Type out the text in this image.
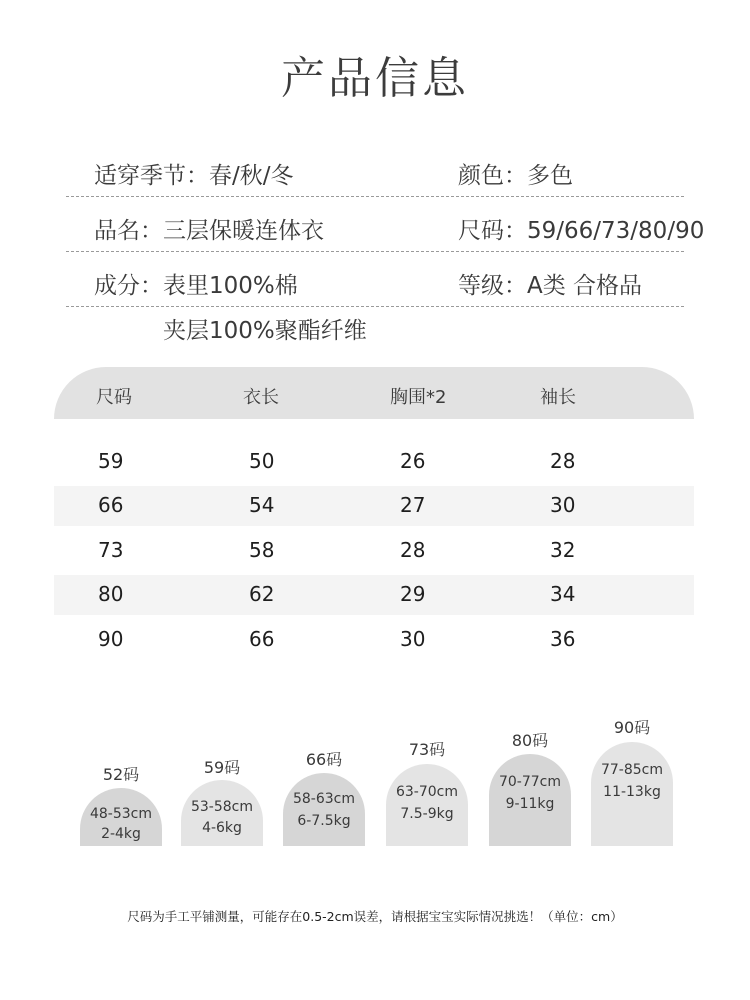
产品信息
适穿季节：春/秋/冬	颜色：多色
品名：三层保暖连体衣	尺码：59/66/73/80/90
成分：表里100%棉	等级：A类 合格品
夹层100%聚酯纤维
尺码	衣长	胸围*2	袖长
59	50	26	28
66	54	27	30
73	58	28	32
80	62	29	34
90	66	30	36
52码
48-53cm
2-4kg
59码
53-58cm
4-6kg
66码
58-63cm
6-7.5kg
73码
63-70cm
7.5-9kg
80码
70-77cm
9-11kg
90码
77-85cm
11-13kg
尺码为手工平铺测量，可能存在0.5-2cm误差，请根据宝宝实际情况挑选！（单位：cm）
